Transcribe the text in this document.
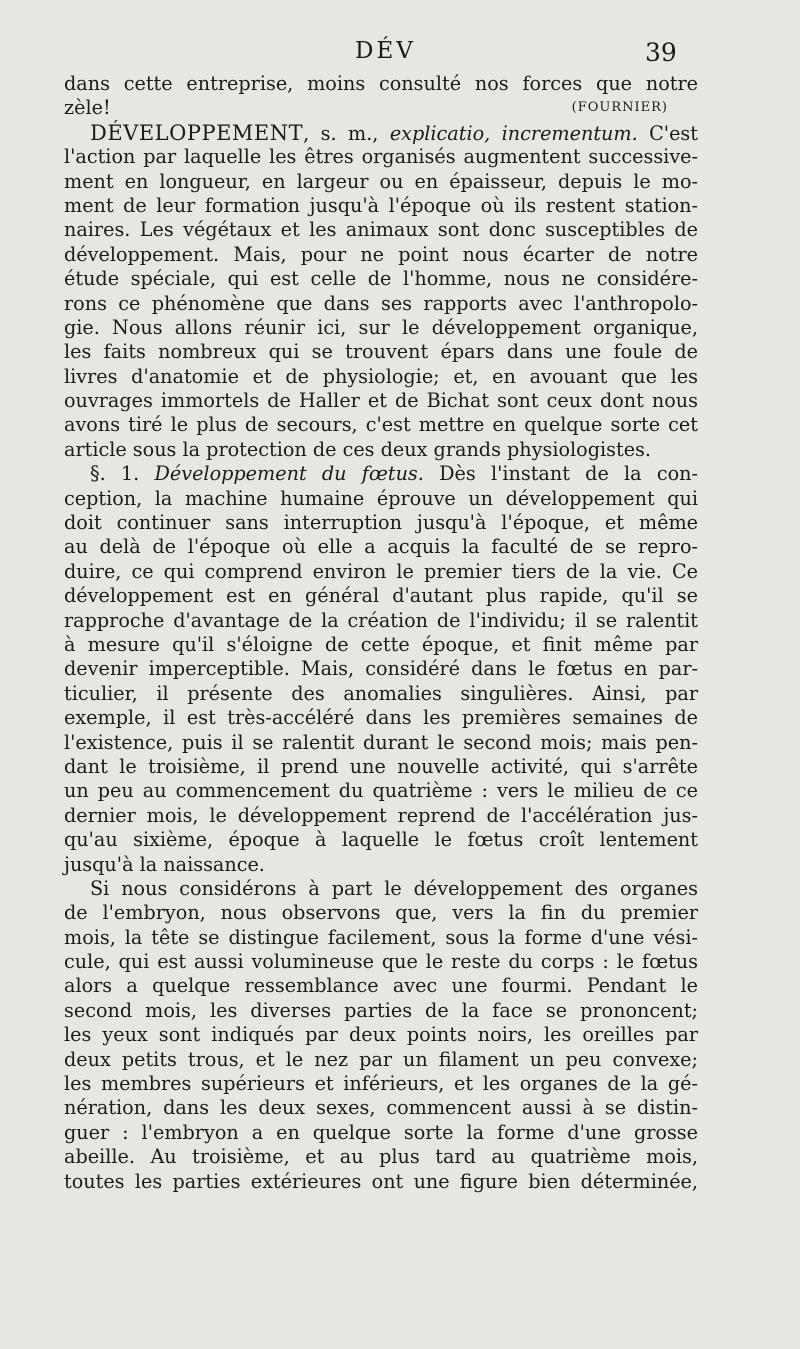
DÉV	39
dans cette entreprise, moins consulté nos forces que notre
zèle!	(FOURNIER)
DÉVELOPPEMENT, s. m., explicatio, incrementum. C'est
l'action par laquelle les êtres organisés augmentent successive-
ment en longueur, en largeur ou en épaisseur, depuis le mo-
ment de leur formation jusqu'à l'époque où ils restent station-
naires. Les végétaux et les animaux sont donc susceptibles de
développement. Mais, pour ne point nous écarter de notre
étude spéciale, qui est celle de l'homme, nous ne considére-
rons ce phénomène que dans ses rapports avec l'anthropolo-
gie. Nous allons réunir ici, sur le développement organique,
les faits nombreux qui se trouvent épars dans une foule de
livres d'anatomie et de physiologie; et, en avouant que les
ouvrages immortels de Haller et de Bichat sont ceux dont nous
avons tiré le plus de secours, c'est mettre en quelque sorte cet
article sous la protection de ces deux grands physiologistes.
§. 1. Développement du fœtus. Dès l'instant de la con-
ception, la machine humaine éprouve un développement qui
doit continuer sans interruption jusqu'à l'époque, et même
au delà de l'époque où elle a acquis la faculté de se repro-
duire, ce qui comprend environ le premier tiers de la vie. Ce
développement est en général d'autant plus rapide, qu'il se
rapproche d'avantage de la création de l'individu; il se ralentit
à mesure qu'il s'éloigne de cette époque, et finit même par
devenir imperceptible. Mais, considéré dans le fœtus en par-
ticulier, il présente des anomalies singulières. Ainsi, par
exemple, il est très-accéléré dans les premières semaines de
l'existence, puis il se ralentit durant le second mois; mais pen-
dant le troisième, il prend une nouvelle activité, qui s'arrête
un peu au commencement du quatrième : vers le milieu de ce
dernier mois, le développement reprend de l'accélération jus-
qu'au sixième, époque à laquelle le fœtus croît lentement
jusqu'à la naissance.
Si nous considérons à part le développement des organes
de l'embryon, nous observons que, vers la fin du premier
mois, la tête se distingue facilement, sous la forme d'une vési-
cule, qui est aussi volumineuse que le reste du corps : le fœtus
alors a quelque ressemblance avec une fourmi. Pendant le
second mois, les diverses parties de la face se prononcent;
les yeux sont indiqués par deux points noirs, les oreilles par
deux petits trous, et le nez par un filament un peu convexe;
les membres supérieurs et inférieurs, et les organes de la gé-
nération, dans les deux sexes, commencent aussi à se distin-
guer : l'embryon a en quelque sorte la forme d'une grosse
abeille. Au troisième, et au plus tard au quatrième mois,
toutes les parties extérieures ont une figure bien déterminée,
